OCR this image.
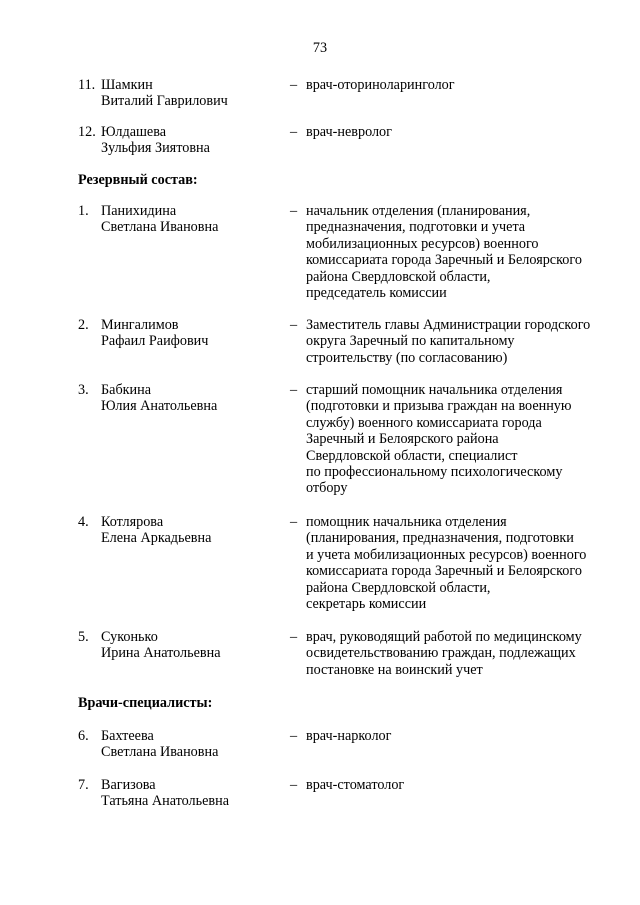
73
11. Шамкин
Виталий Гаврилович
– врач-оториноларинголог
12. Юлдашева
Зульфия Зиятовна
– врач-невролог
Резервный состав:
1. Панихидина
Светлана Ивановна
– начальник отделения (планирования,
предназначения, подготовки и учета
мобилизационных ресурсов) военного
комиссариата города Заречный и Белоярского
района Свердловской области,
председатель комиссии
2. Мингалимов
Рафаил Раифович
– Заместитель главы Администрации городского
округа Заречный по капитальному
строительству (по согласованию)
3. Бабкина
Юлия Анатольевна
– старший помощник начальника отделения
(подготовки и призыва граждан на военную
службу) военного комиссариата города
Заречный и Белоярского района
Свердловской области, специалист
по профессиональному психологическому
отбору
4. Котлярова
Елена Аркадьевна
– помощник начальника отделения
(планирования, предназначения, подготовки
и учета мобилизационных ресурсов) военного
комиссариата города Заречный и Белоярского
района Свердловской области,
секретарь комиссии
5. Суконько
Ирина Анатольевна
– врач, руководящий работой по медицинскому
освидетельствованию граждан, подлежащих
постановке на воинский учет
Врачи-специалисты:
6. Бахтеева
Светлана Ивановна
– врач-нарколог
7. Вагизова
Татьяна Анатольевна
– врач-стоматолог
